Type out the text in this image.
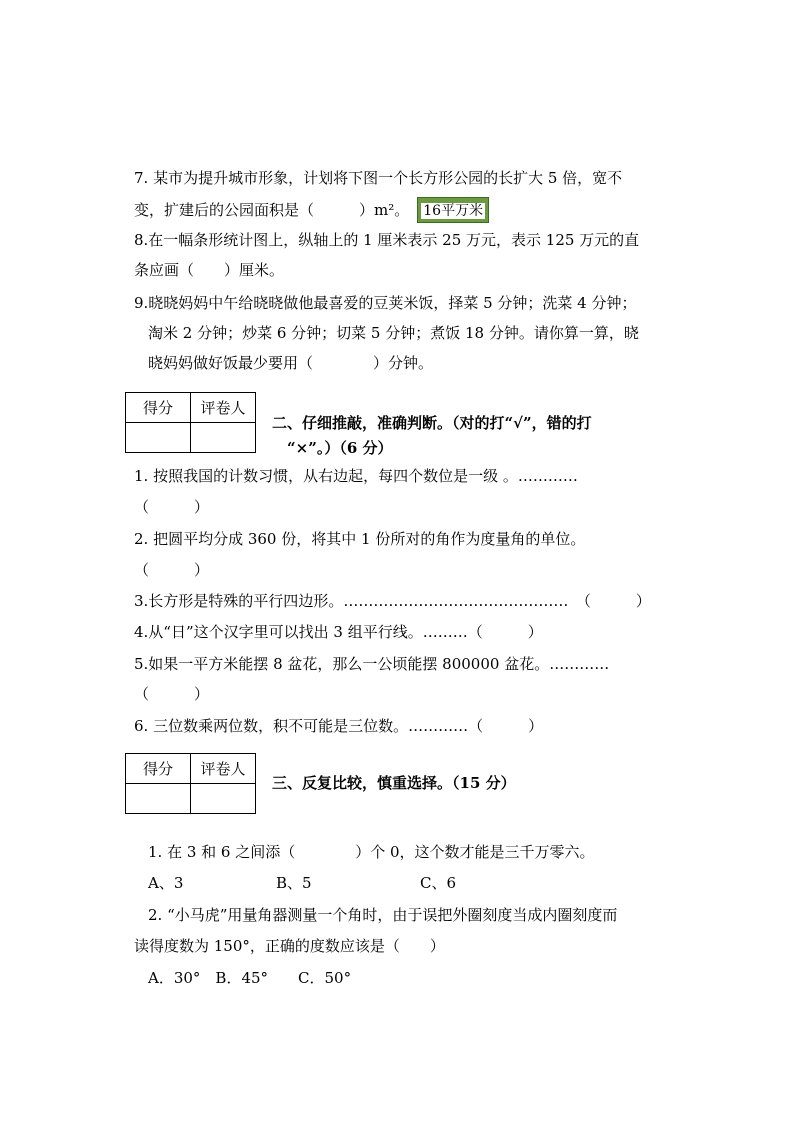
7. 某市为提升城市形象，计划将下图一个长方形公园的长扩大 5 倍，宽不
变，扩建后的公园面积是（　　　）m²。 16平万米
8.在一幅条形统计图上，纵轴上的 1 厘米表示 25 万元，表示 125 万元的直
条应画（　　）厘米。
9.晓晓妈妈中午给晓晓做他最喜爱的豆荚米饭，择菜 5 分钟；洗菜 4 分钟；
淘米 2 分钟；炒菜 6 分钟；切菜 5 分钟；煮饭 18 分钟。请你算一算，晓
晓妈妈做好饭最少要用（　　　　）分钟。
得分	评卷人

二、仔细推敲，准确判断。（对的打“√”，错的打
“×”。）（6 分）
1. 按照我国的计数习惯，从右边起，每四个数位是一级 。…………
（　　　）
2. 把圆平均分成 360 份，将其中 1 份所对的角作为度量角的单位。
（　　　）
3.长方形是特殊的平行四边形。………………………………………　（　　　）
4.从“日”这个汉字里可以找出 3 组平行线。………（　　　）
5.如果一平方米能摆 8 盆花，那么一公顷能摆 800000 盆花。…………
（　　　）
6. 三位数乘两位数，积不可能是三位数。…………（　　　）
得分	评卷人

三、反复比较，慎重选择。（15 分）
1. 在 3 和 6 之间添（　　　　）个 0，这个数才能是三千万零六。
A、3	B、5	C、6
2. “小马虎”用量角器测量一个角时，由于误把外圈刻度当成内圈刻度而
读得度数为 150°，正确的度数应该是（　　）
A．30°　B．45°　　C．50°
